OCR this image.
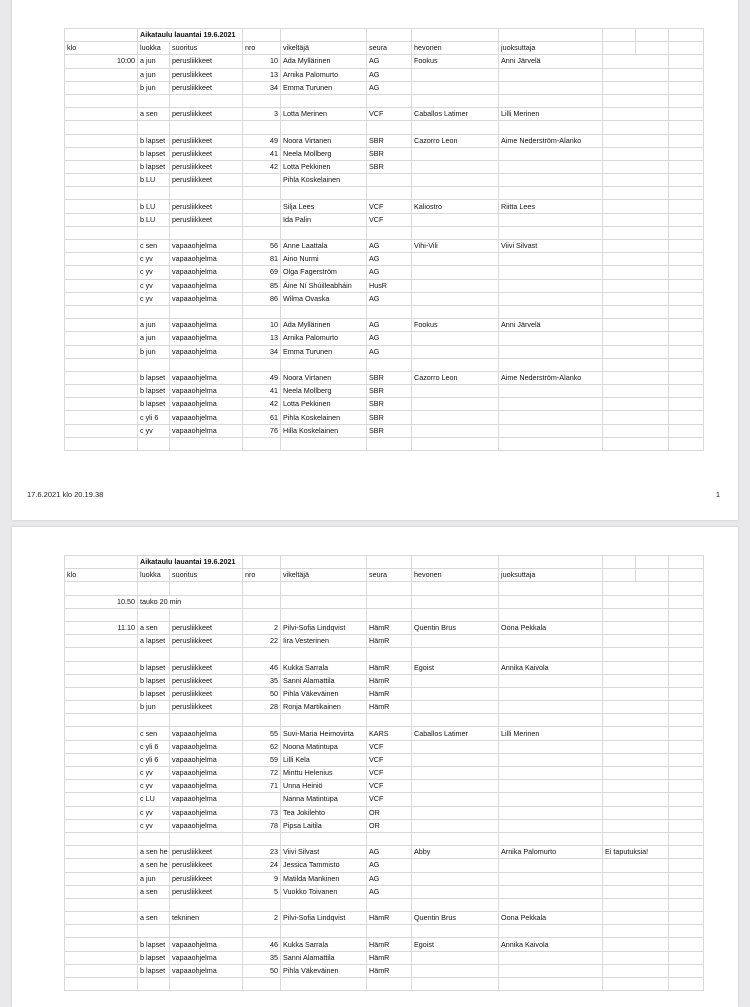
	Aikataulu lauantai 19.6.2021									
klo	luokka	suoritus	nro	vikeltäjä	seura	hevonen	juoksuttaja			
10:00	a jun	perusliikkeet	10	Ada Myllärinen	AG	Fookus	Anni Järvelä			
	a jun	perusliikkeet	13	Arnika Palomurto	AG					
	b jun	perusliikkeet	34	Emma Turunen	AG					

	a sen	perusliikkeet	3	Lotta Merinen	VCF	Caballos Latimer	Lilli Merinen			

	b lapset	perusliikkeet	49	Noora Virtanen	SBR	Cazorro Leon	Aime Nederström-Alanko			
	b lapset	perusliikkeet	41	Neela Mollberg	SBR					
	b lapset	perusliikkeet	42	Lotta Pekkinen	SBR					
	b LU	perusliikkeet		Pihla Koskelainen						

	b LU	perusliikkeet		Silja Lees	VCF	Kaliostro	Riitta Lees			
	b LU	perusliikkeet		Ida Palin	VCF					

	c sen	vapaaohjelma	56	Anne Laattala	AG	Vihi-Vili	Viivi Silvast			
	c yv	vapaaohjelma	81	Aino Nurmi	AG					
	c yv	vapaaohjelma	69	Olga Fagerström	AG					
	c yv	vapaaohjelma	85	Áine Ní Shúilleabháin	HusR					
	c yv	vapaaohjelma	86	Wilma Ovaska	AG					

	a jun	vapaaohjelma	10	Ada Myllärinen	AG	Fookus	Anni Järvelä			
	a jun	vapaaohjelma	13	Arnika Palomurto	AG					
	b jun	vapaaohjelma	34	Emma Turunen	AG					

	b lapset	vapaaohjelma	49	Noora Virtanen	SBR	Cazorro Leon	Aime Nederström-Alanko			
	b lapset	vapaaohjelma	41	Neela Mollberg	SBR					
	b lapset	vapaaohjelma	42	Lotta Pekkinen	SBR					
	c yli 6	vapaaohjelma	61	Pihla Koskelainen	SBR					
	c yv	vapaaohjelma	76	Hilla Koskelainen	SBR					

17.6.2021 klo 20.19.38	1
	Aikataulu lauantai 19.6.2021									
klo	luokka	suoritus	nro	vikeltäjä	seura	hevonen	juoksuttaja			

10.50	tauko 20 min									

11.10	a sen	perusliikkeet	2	Pilvi-Sofia Lindqvist	HämR	Quentin Brus	Oona Pekkala			
	a lapset	perusliikkeet	22	Iira Vesterinen	HämR					

	b lapset	perusliikkeet	46	Kukka Sarrala	HämR	Egoist	Annika Kaivola			
	b lapset	perusliikkeet	35	Sanni Alamattila	HämR					
	b lapset	perusliikkeet	50	Pihla Väkeväinen	HämR					
	b jun	perusliikkeet	28	Ronja Martikainen	HämR					

	c sen	vapaaohjelma	55	Suvi-Maria Heimovirta	KARS	Caballos Latimer	Lilli Merinen			
	c yli 6	vapaaohjelma	62	Noona Matintupa	VCF					
	c yli 6	vapaaohjelma	59	Lilli Kela	VCF					
	c yv	vapaaohjelma	72	Minttu Helenius	VCF					
	c yv	vapaaohjelma	71	Unna Heiniö	VCF					
	c LU	vapaaohjelma		Nanna Matintupa	VCF					
	c yv	vapaaohjelma	73	Tea Jokilehto	OR					
	c yv	vapaaohjelma	78	Pipsa Laitila	OR					

	a sen he	perusliikkeet	23	Viivi Silvast	AG	Abby	Arnika Palomurto	Ei taputuksia!		
	a sen he	perusliikkeet	24	Jessica Tammisto	AG					
	a jun	perusliikkeet	9	Matilda Mankinen	AG					
	a sen	perusliikkeet	5	Vuokko Toivanen	AG					

	a sen	tekninen	2	Pilvi-Sofia Lindqvist	HämR	Quentin Brus	Oona Pekkala			

	b lapset	vapaaohjelma	46	Kukka Sarrala	HämR	Egoist	Annika Kaivola			
	b lapset	vapaaohjelma	35	Sanni Alamattila	HämR					
	b lapset	vapaaohjelma	50	Pihla Väkeväinen	HämR					
